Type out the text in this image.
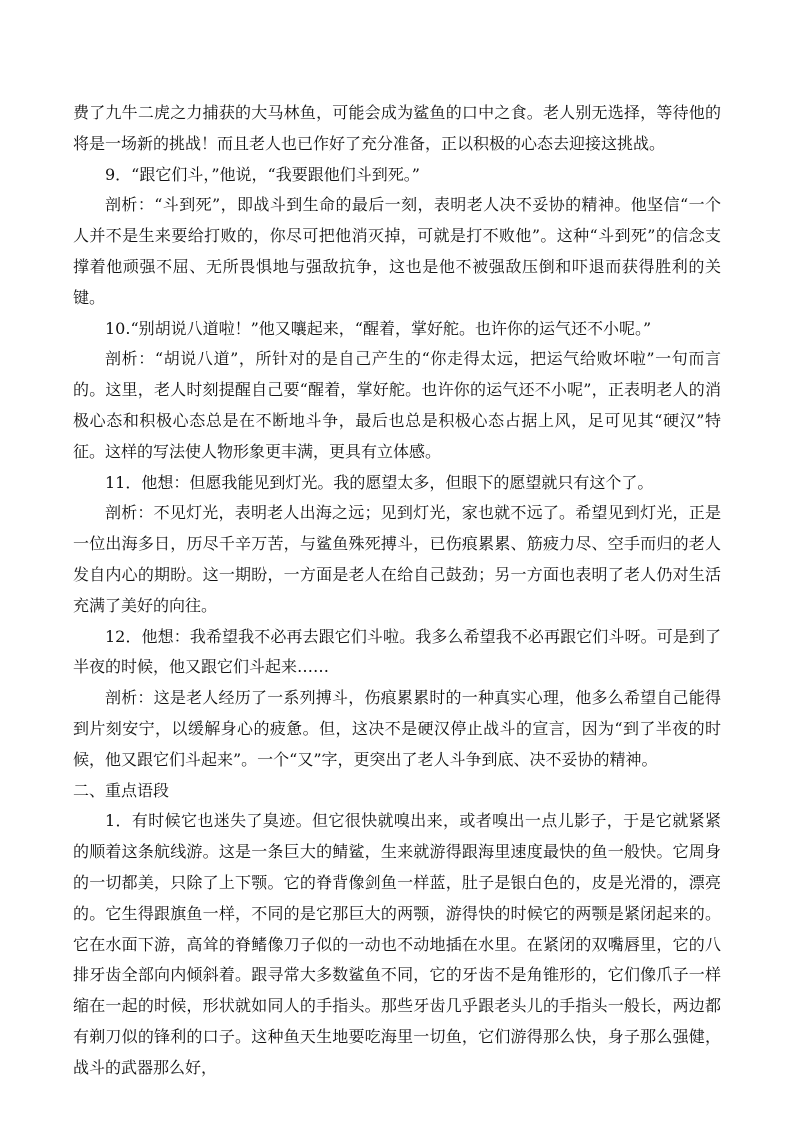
费了九牛二虎之力捕获的大马林鱼，可能会成为鲨鱼的口中之食。老人别无选择，等待他的将是一场新的挑战！而且老人也已作好了充分准备，正以积极的心态去迎接这挑战。

9．“跟它们斗，”他说，“我要跟他们斗到死。”

剖析：“斗到死”，即战斗到生命的最后一刻，表明老人决不妥协的精神。他坚信“一个人并不是生来要给打败的，你尽可把他消灭掉，可就是打不败他”。这种“斗到死”的信念支撑着他顽强不屈、无所畏惧地与强敌抗争，这也是他不被强敌压倒和吓退而获得胜利的关键。

10.“别胡说八道啦！”他又嚷起来，“醒着，掌好舵。也许你的运气还不小呢。”

剖析：“胡说八道”，所针对的是自己产生的“你走得太远，把运气给败坏啦”一句而言的。这里，老人时刻提醒自己要“醒着，掌好舵。也许你的运气还不小呢”，正表明老人的消极心态和积极心态总是在不断地斗争，最后也总是积极心态占据上风，足可见其“硬汉”特征。这样的写法使人物形象更丰满，更具有立体感。

11．他想：但愿我能见到灯光。我的愿望太多，但眼下的愿望就只有这个了。

剖析：不见灯光，表明老人出海之远；见到灯光，家也就不远了。希望见到灯光，正是一位出海多日，历尽千辛万苦，与鲨鱼殊死搏斗，已伤痕累累、筋疲力尽、空手而归的老人发自内心的期盼。这一期盼，一方面是老人在给自己鼓劲；另一方面也表明了老人仍对生活充满了美好的向往。

12．他想：我希望我不必再去跟它们斗啦。我多么希望我不必再跟它们斗呀。可是到了半夜的时候，他又跟它们斗起来……

剖析：这是老人经历了一系列搏斗，伤痕累累时的一种真实心理，他多么希望自己能得到片刻安宁，以缓解身心的疲惫。但，这决不是硬汉停止战斗的宣言，因为“到了半夜的时候，他又跟它们斗起来”。一个“又”字，更突出了老人斗争到底、决不妥协的精神。

二、重点语段

1．有时候它也迷失了臭迹。但它很快就嗅出来，或者嗅出一点儿影子，于是它就紧紧的顺着这条航线游。这是一条巨大的鲭鲨，生来就游得跟海里速度最快的鱼一般快。它周身的一切都美，只除了上下颚。它的脊背像剑鱼一样蓝，肚子是银白色的，皮是光滑的，漂亮的。它生得跟旗鱼一样，不同的是它那巨大的两颚，游得快的时候它的两颚是紧闭起来的。它在水面下游，高耸的脊鳍像刀子似的一动也不动地插在水里。在紧闭的双嘴唇里，它的八排牙齿全部向内倾斜着。跟寻常大多数鲨鱼不同，它的牙齿不是角锥形的，它们像爪子一样缩在一起的时候，形状就如同人的手指头。那些牙齿几乎跟老头儿的手指头一般长，两边都有剃刀似的锋利的口子。这种鱼天生地要吃海里一切鱼，它们游得那么快，身子那么强健，战斗的武器那么好，
